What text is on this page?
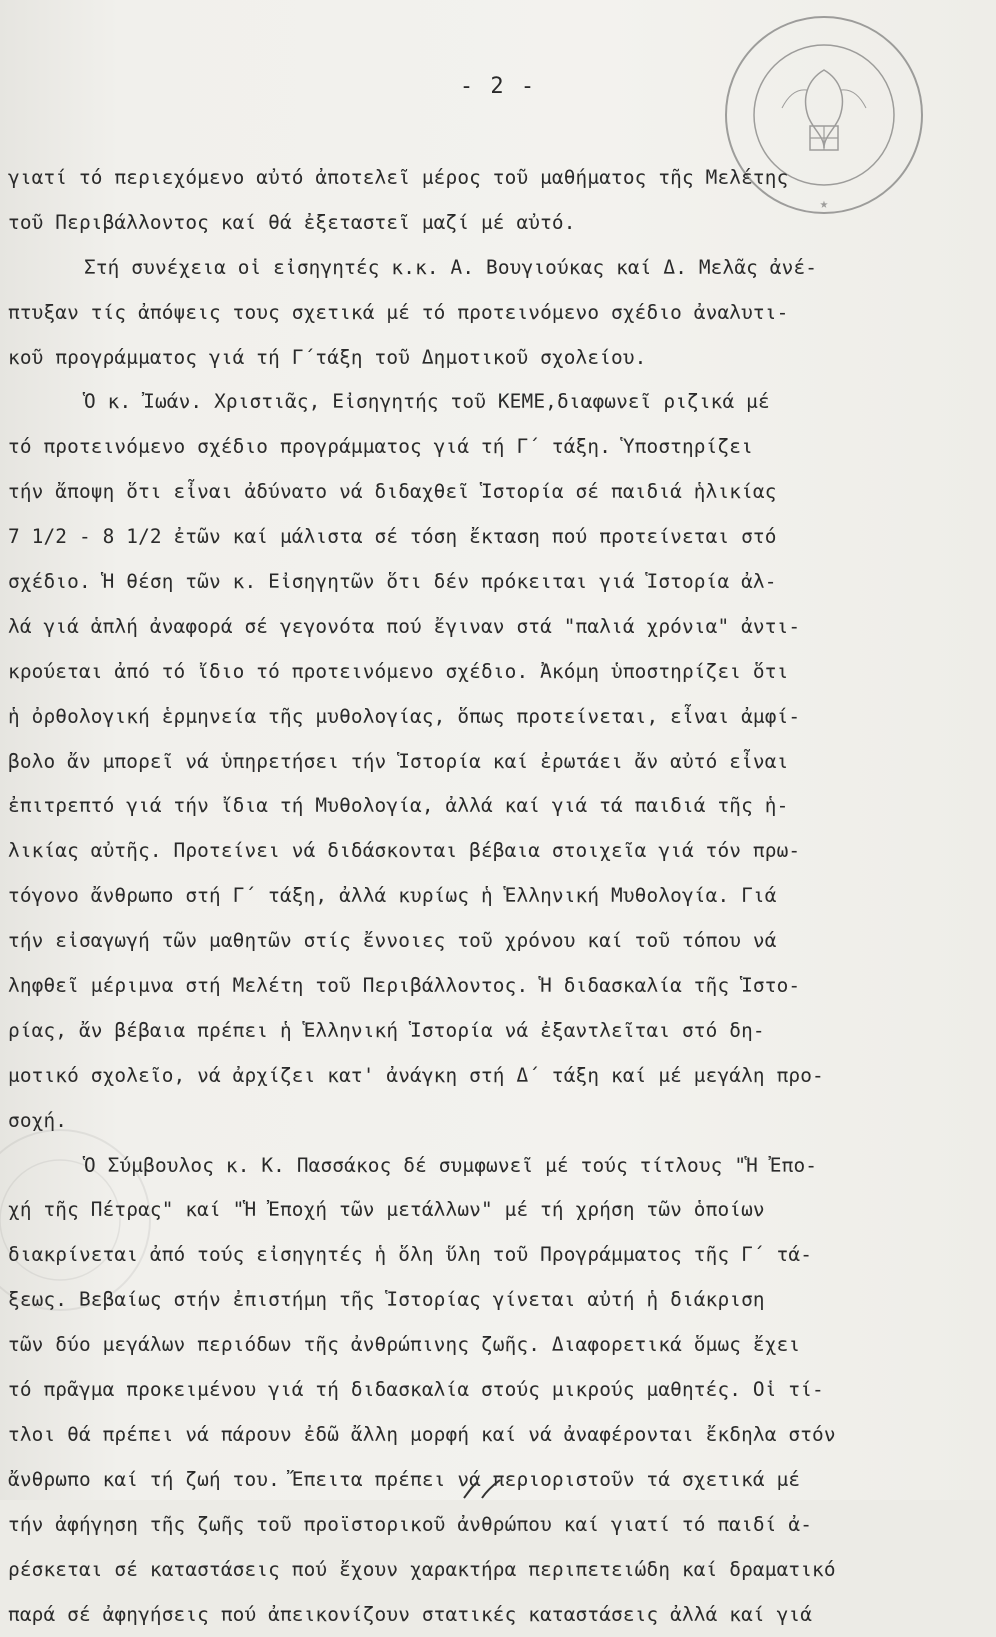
★
- 2 -
γιατί τό περιεχόμενο αὐτό ἀποτελεῖ μέρος τοῦ μαθήματος τῆς Μελέτης
τοῦ Περιβάλλοντος καί θά ἐξεταστεῖ μαζί μέ αὐτό.
Στή συνέχεια οἱ εἰσηγητές κ.κ. Α. Βουγιούκας καί Δ. Μελᾶς ἀνέ-
πτυξαν τίς ἀπόψεις τους σχετικά μέ τό προτεινόμενο σχέδιο ἀναλυτι-
κοῦ προγράμματος γιά τή Γ΄τάξη τοῦ Δημοτικοῦ σχολείου.
Ὁ κ. Ἰωάν. Χριστιᾶς, Εἰσηγητής τοῦ ΚΕΜΕ,διαφωνεῖ ριζικά μέ
τό προτεινόμενο σχέδιο προγράμματος γιά τή Γ΄ τάξη. Ὑποστηρίζει
τήν ἄποψη ὅτι εἶναι ἀδύνατο νά διδαχθεῖ Ἱστορία σέ παιδιά ἡλικίας
7 1/2 - 8 1/2 ἐτῶν καί μάλιστα σέ τόση ἔκταση πού προτείνεται στό
σχέδιο. Ἡ θέση τῶν κ. Εἰσηγητῶν ὅτι δέν πρόκειται γιά Ἱστορία ἀλ-
λά γιά ἁπλή ἀναφορά σέ γεγονότα πού ἔγιναν στά "παλιά χρόνια" ἀντι-
κρούεται ἀπό τό ἴδιο τό προτεινόμενο σχέδιο. Ἀκόμη ὑποστηρίζει ὅτι
ἡ ὀρθολογική ἑρμηνεία τῆς μυθολογίας, ὅπως προτείνεται, εἶναι ἀμφί-
βολο ἄν μπορεῖ νά ὑπηρετήσει τήν Ἱστορία καί ἐρωτάει ἄν αὐτό εἶναι
ἐπιτρεπτό γιά τήν ἴδια τή Μυθολογία, ἀλλά καί γιά τά παιδιά τῆς ἡ-
λικίας αὐτῆς. Προτείνει νά διδάσκονται βέβαια στοιχεῖα γιά τόν πρω-
τόγονο ἄνθρωπο στή Γ΄ τάξη, ἀλλά κυρίως ἡ Ἑλληνική Μυθολογία. Γιά
τήν εἰσαγωγή τῶν μαθητῶν στίς ἔννοιες τοῦ χρόνου καί τοῦ τόπου νά
ληφθεῖ μέριμνα στή Μελέτη τοῦ Περιβάλλοντος. Ἡ διδασκαλία τῆς Ἱστο-
ρίας, ἄν βέβαια πρέπει ἡ Ἑλληνική Ἱστορία νά ἐξαντλεῖται στό δη-
μοτικό σχολεῖο, νά ἀρχίζει κατ' ἀνάγκη στή Δ΄ τάξη καί μέ μεγάλη προ-
σοχή.
Ὁ Σύμβουλος κ. Κ. Πασσάκος δέ συμφωνεῖ μέ τούς τίτλους "Ἡ Ἐπο-
χή τῆς Πέτρας" καί "Ἡ Ἐποχή τῶν μετάλλων" μέ τή χρήση τῶν ὁποίων
διακρίνεται ἀπό τούς εἰσηγητές ἡ ὅλη ὕλη τοῦ Προγράμματος τῆς Γ΄ τά-
ξεως. Βεβαίως στήν ἐπιστήμη τῆς Ἱστορίας γίνεται αὐτή ἡ διάκριση
τῶν δύο μεγάλων περιόδων τῆς ἀνθρώπινης ζωῆς. Διαφορετικά ὅμως ἔχει
τό πρᾶγμα προκειμένου γιά τή διδασκαλία στούς μικρούς μαθητές. Οἱ τί-
τλοι θά πρέπει νά πάρουν ἐδῶ ἄλλη μορφή καί νά ἀναφέρονται ἔκδηλα στόν
ἄνθρωπο καί τή ζωή του. Ἔπειτα πρέπει νά περιοριστοῦν τά σχετικά μέ
τήν ἀφήγηση τῆς ζωῆς τοῦ προϊστορικοῦ ἀνθρώπου καί γιατί τό παιδί ἀ-
ρέσκεται σέ καταστάσεις πού ἔχουν χαρακτήρα περιπετειώδη καί δραματικό
παρά σέ ἀφηγήσεις πού ἀπεικονίζουν στατικές καταστάσεις ἀλλά καί γιά
